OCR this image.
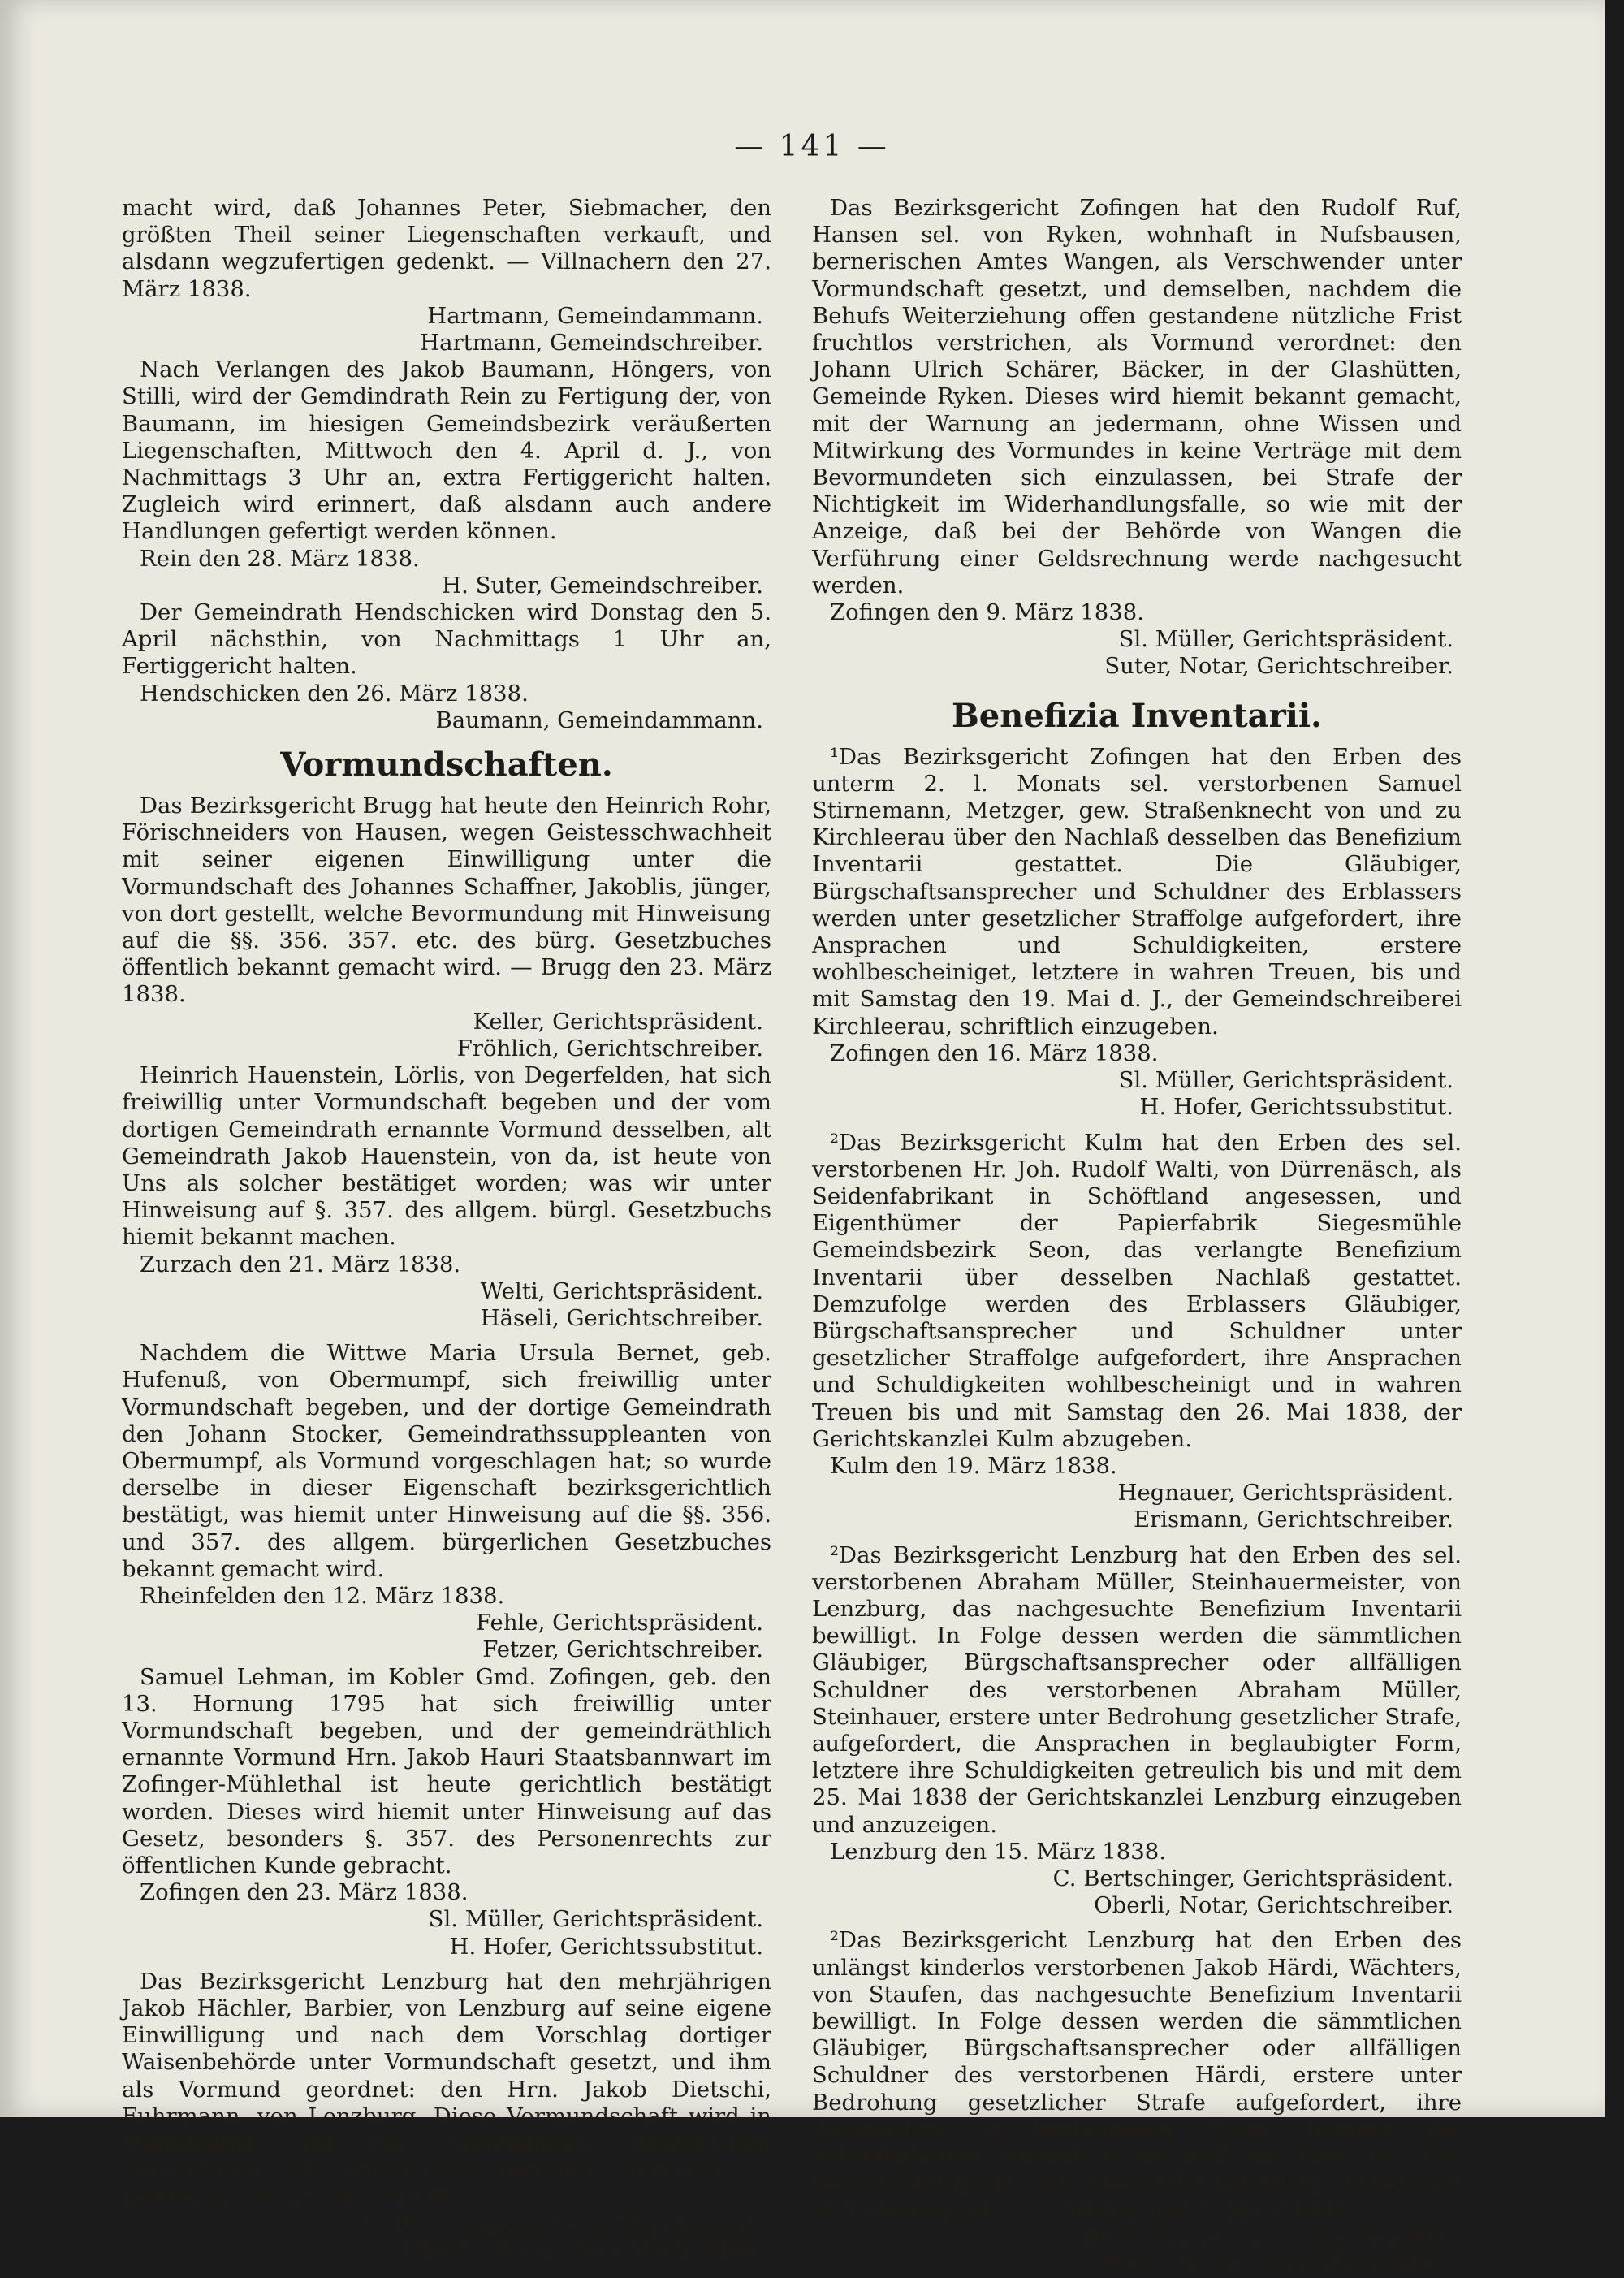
— 141 —

macht wird, daß Johannes Peter, Siebmacher, den größten Theil seiner Liegenschaften verkauft, und alsdann wegzufertigen gedenkt. — Villnachern den 27. März 1838.

Hartmann, Gemeindammann.

Hartmann, Gemeindschreiber.

Nach Verlangen des Jakob Baumann, Höngers, von Stilli, wird der Gemdindrath Rein zu Fertigung der, von Baumann, im hiesigen Gemeindsbezirk veräußerten Liegenschaften, Mittwoch den 4. April d. J., von Nachmittags 3 Uhr an, extra Fertiggericht halten. Zugleich wird erinnert, daß alsdann auch andere Handlungen gefertigt werden können.

Rein den 28. März 1838.

H. Suter, Gemeindschreiber.

Der Gemeindrath Hendschicken wird Donstag den 5. April nächsthin, von Nachmittags 1 Uhr an, Fertiggericht halten.

Hendschicken den 26. März 1838.

Baumann, Gemeindammann.

Vormundschaften.

Das Bezirksgericht Brugg hat heute den Heinrich Rohr, Förischneiders von Hausen, wegen Geistesschwachheit mit seiner eigenen Einwilligung unter die Vormundschaft des Johannes Schaffner, Jakoblis, jünger, von dort gestellt, welche Bevormundung mit Hinweisung auf die §§. 356. 357. etc. des bürg. Gesetzbuches öffentlich bekannt gemacht wird. — Brugg den 23. März 1838.

Keller, Gerichtspräsident.

Fröhlich, Gerichtschreiber.

Heinrich Hauenstein, Lörlis, von Degerfelden, hat sich freiwillig unter Vormundschaft begeben und der vom dortigen Gemeindrath ernannte Vormund desselben, alt Gemeindrath Jakob Hauenstein, von da, ist heute von Uns als solcher bestätiget worden; was wir unter Hinweisung auf §. 357. des allgem. bürgl. Gesetzbuchs hiemit bekannt machen.

Zurzach den 21. März 1838.

Welti, Gerichtspräsident.

Häseli, Gerichtschreiber.

Nachdem die Wittwe Maria Ursula Bernet, geb. Hufenuß, von Obermumpf, sich freiwillig unter Vormundschaft begeben, und der dortige Gemeindrath den Johann Stocker, Gemeindrathssuppleanten von Obermumpf, als Vormund vorgeschlagen hat; so wurde derselbe in dieser Eigenschaft bezirksgerichtlich bestätigt, was hiemit unter Hinweisung auf die §§. 356. und 357. des allgem. bürgerlichen Gesetzbuches bekannt gemacht wird.

Rheinfelden den 12. März 1838.

Fehle, Gerichtspräsident.

Fetzer, Gerichtschreiber.

Samuel Lehman, im Kobler Gmd. Zofingen, geb. den 13. Hornung 1795 hat sich freiwillig unter Vormundschaft begeben, und der gemeindräthlich ernannte Vormund Hrn. Jakob Hauri Staatsbannwart im Zofinger-Mühlethal ist heute gerichtlich bestätigt worden. Dieses wird hiemit unter Hinweisung auf das Gesetz, besonders §. 357. des Personenrechts zur öffentlichen Kunde gebracht.

Zofingen den 23. März 1838.

Sl. Müller, Gerichtspräsident.

H. Hofer, Gerichtssubstitut.

Das Bezirksgericht Lenzburg hat den mehrjährigen Jakob Hächler, Barbier, von Lenzburg auf seine eigene Einwilligung und nach dem Vorschlag dortiger Waisenbehörde unter Vormundschaft gesetzt, und ihm als Vormund geordnet: den Hrn. Jakob Dietschi, Fuhrmann, von Lenzburg. Diese Vormundschaft wird in Hinweisung auf die bestehenden gesetzlichen Vorschriften, zur öffentlichen Kenntniß gebracht. — Lenzburg den 22. März 1838.

C. Bertschinger, Gerichtspräsident.

Oberli, Notar, Gerichtschreiber.

Das Bezirksgericht Zofingen hat den Rudolf Ruf, Hansen sel. von Ryken, wohnhaft in Nufsbausen, bernerischen Amtes Wangen, als Verschwender unter Vormundschaft gesetzt, und demselben, nachdem die Behufs Weiterziehung offen gestandene nützliche Frist fruchtlos verstrichen, als Vormund verordnet: den Johann Ulrich Schärer, Bäcker, in der Glashütten, Gemeinde Ryken. Dieses wird hiemit bekannt gemacht, mit der Warnung an jedermann, ohne Wissen und Mitwirkung des Vormundes in keine Verträge mit dem Bevormundeten sich einzulassen, bei Strafe der Nichtigkeit im Widerhandlungsfalle, so wie mit der Anzeige, daß bei der Behörde von Wangen die Verführung einer Geldsrechnung werde nachgesucht werden.

Zofingen den 9. März 1838.

Sl. Müller, Gerichtspräsident.

Suter, Notar, Gerichtschreiber.

Benefizia Inventarii.

¹Das Bezirksgericht Zofingen hat den Erben des unterm 2. l. Monats sel. verstorbenen Samuel Stirnemann, Metzger, gew. Straßenknecht von und zu Kirchleerau über den Nachlaß desselben das Benefizium Inventarii gestattet. Die Gläubiger, Bürgschaftsansprecher und Schuldner des Erblassers werden unter gesetzlicher Straffolge aufgefordert, ihre Ansprachen und Schuldigkeiten, erstere wohlbescheiniget, letztere in wahren Treuen, bis und mit Samstag den 19. Mai d. J., der Gemeindschreiberei Kirchleerau, schriftlich einzugeben.

Zofingen den 16. März 1838.

Sl. Müller, Gerichtspräsident.

H. Hofer, Gerichtssubstitut.

²Das Bezirksgericht Kulm hat den Erben des sel. verstorbenen Hr. Joh. Rudolf Walti, von Dürrenäsch, als Seidenfabrikant in Schöftland angesessen, und Eigenthümer der Papierfabrik Siegesmühle Gemeindsbezirk Seon, das verlangte Benefizium Inventarii über desselben Nachlaß gestattet. Demzufolge werden des Erblassers Gläubiger, Bürgschaftsansprecher und Schuldner unter gesetzlicher Straffolge aufgefordert, ihre Ansprachen und Schuldigkeiten wohlbescheinigt und in wahren Treuen bis und mit Samstag den 26. Mai 1838, der Gerichtskanzlei Kulm abzugeben.

Kulm den 19. März 1838.

Hegnauer, Gerichtspräsident.

Erismann, Gerichtschreiber.

²Das Bezirksgericht Lenzburg hat den Erben des sel. verstorbenen Abraham Müller, Steinhauermeister, von Lenzburg, das nachgesuchte Benefizium Inventarii bewilligt. In Folge dessen werden die sämmtlichen Gläubiger, Bürgschaftsansprecher oder allfälligen Schuldner des verstorbenen Abraham Müller, Steinhauer, erstere unter Bedrohung gesetzlicher Strafe, aufgefordert, die Ansprachen in beglaubigter Form, letztere ihre Schuldigkeiten getreulich bis und mit dem 25. Mai 1838 der Gerichtskanzlei Lenzburg einzugeben und anzuzeigen.

Lenzburg den 15. März 1838.

C. Bertschinger, Gerichtspräsident.

Oberli, Notar, Gerichtschreiber.

²Das Bezirksgericht Lenzburg hat den Erben des unlängst kinderlos verstorbenen Jakob Härdi, Wächters, von Staufen, das nachgesuchte Benefizium Inventarii bewilligt. In Folge dessen werden die sämmtlichen Gläubiger, Bürgschaftsansprecher oder allfälligen Schuldner des verstorbenen Härdi, erstere unter Bedrohung gesetzlicher Strafe aufgefordert, ihre Ansprachen in beglaubigter Form, letztere die Schuldigkeiten getreulich bis und mit dem 18. Mai nächstkünftig der Gerichtskanzlei Lenzburg einzugeben und anzuzeigen. — Lenzburg den 8. März 1838.

C. Bertschinger, Gerichtspräsident.

Oberli, Notar, Gerichtschreiber.
